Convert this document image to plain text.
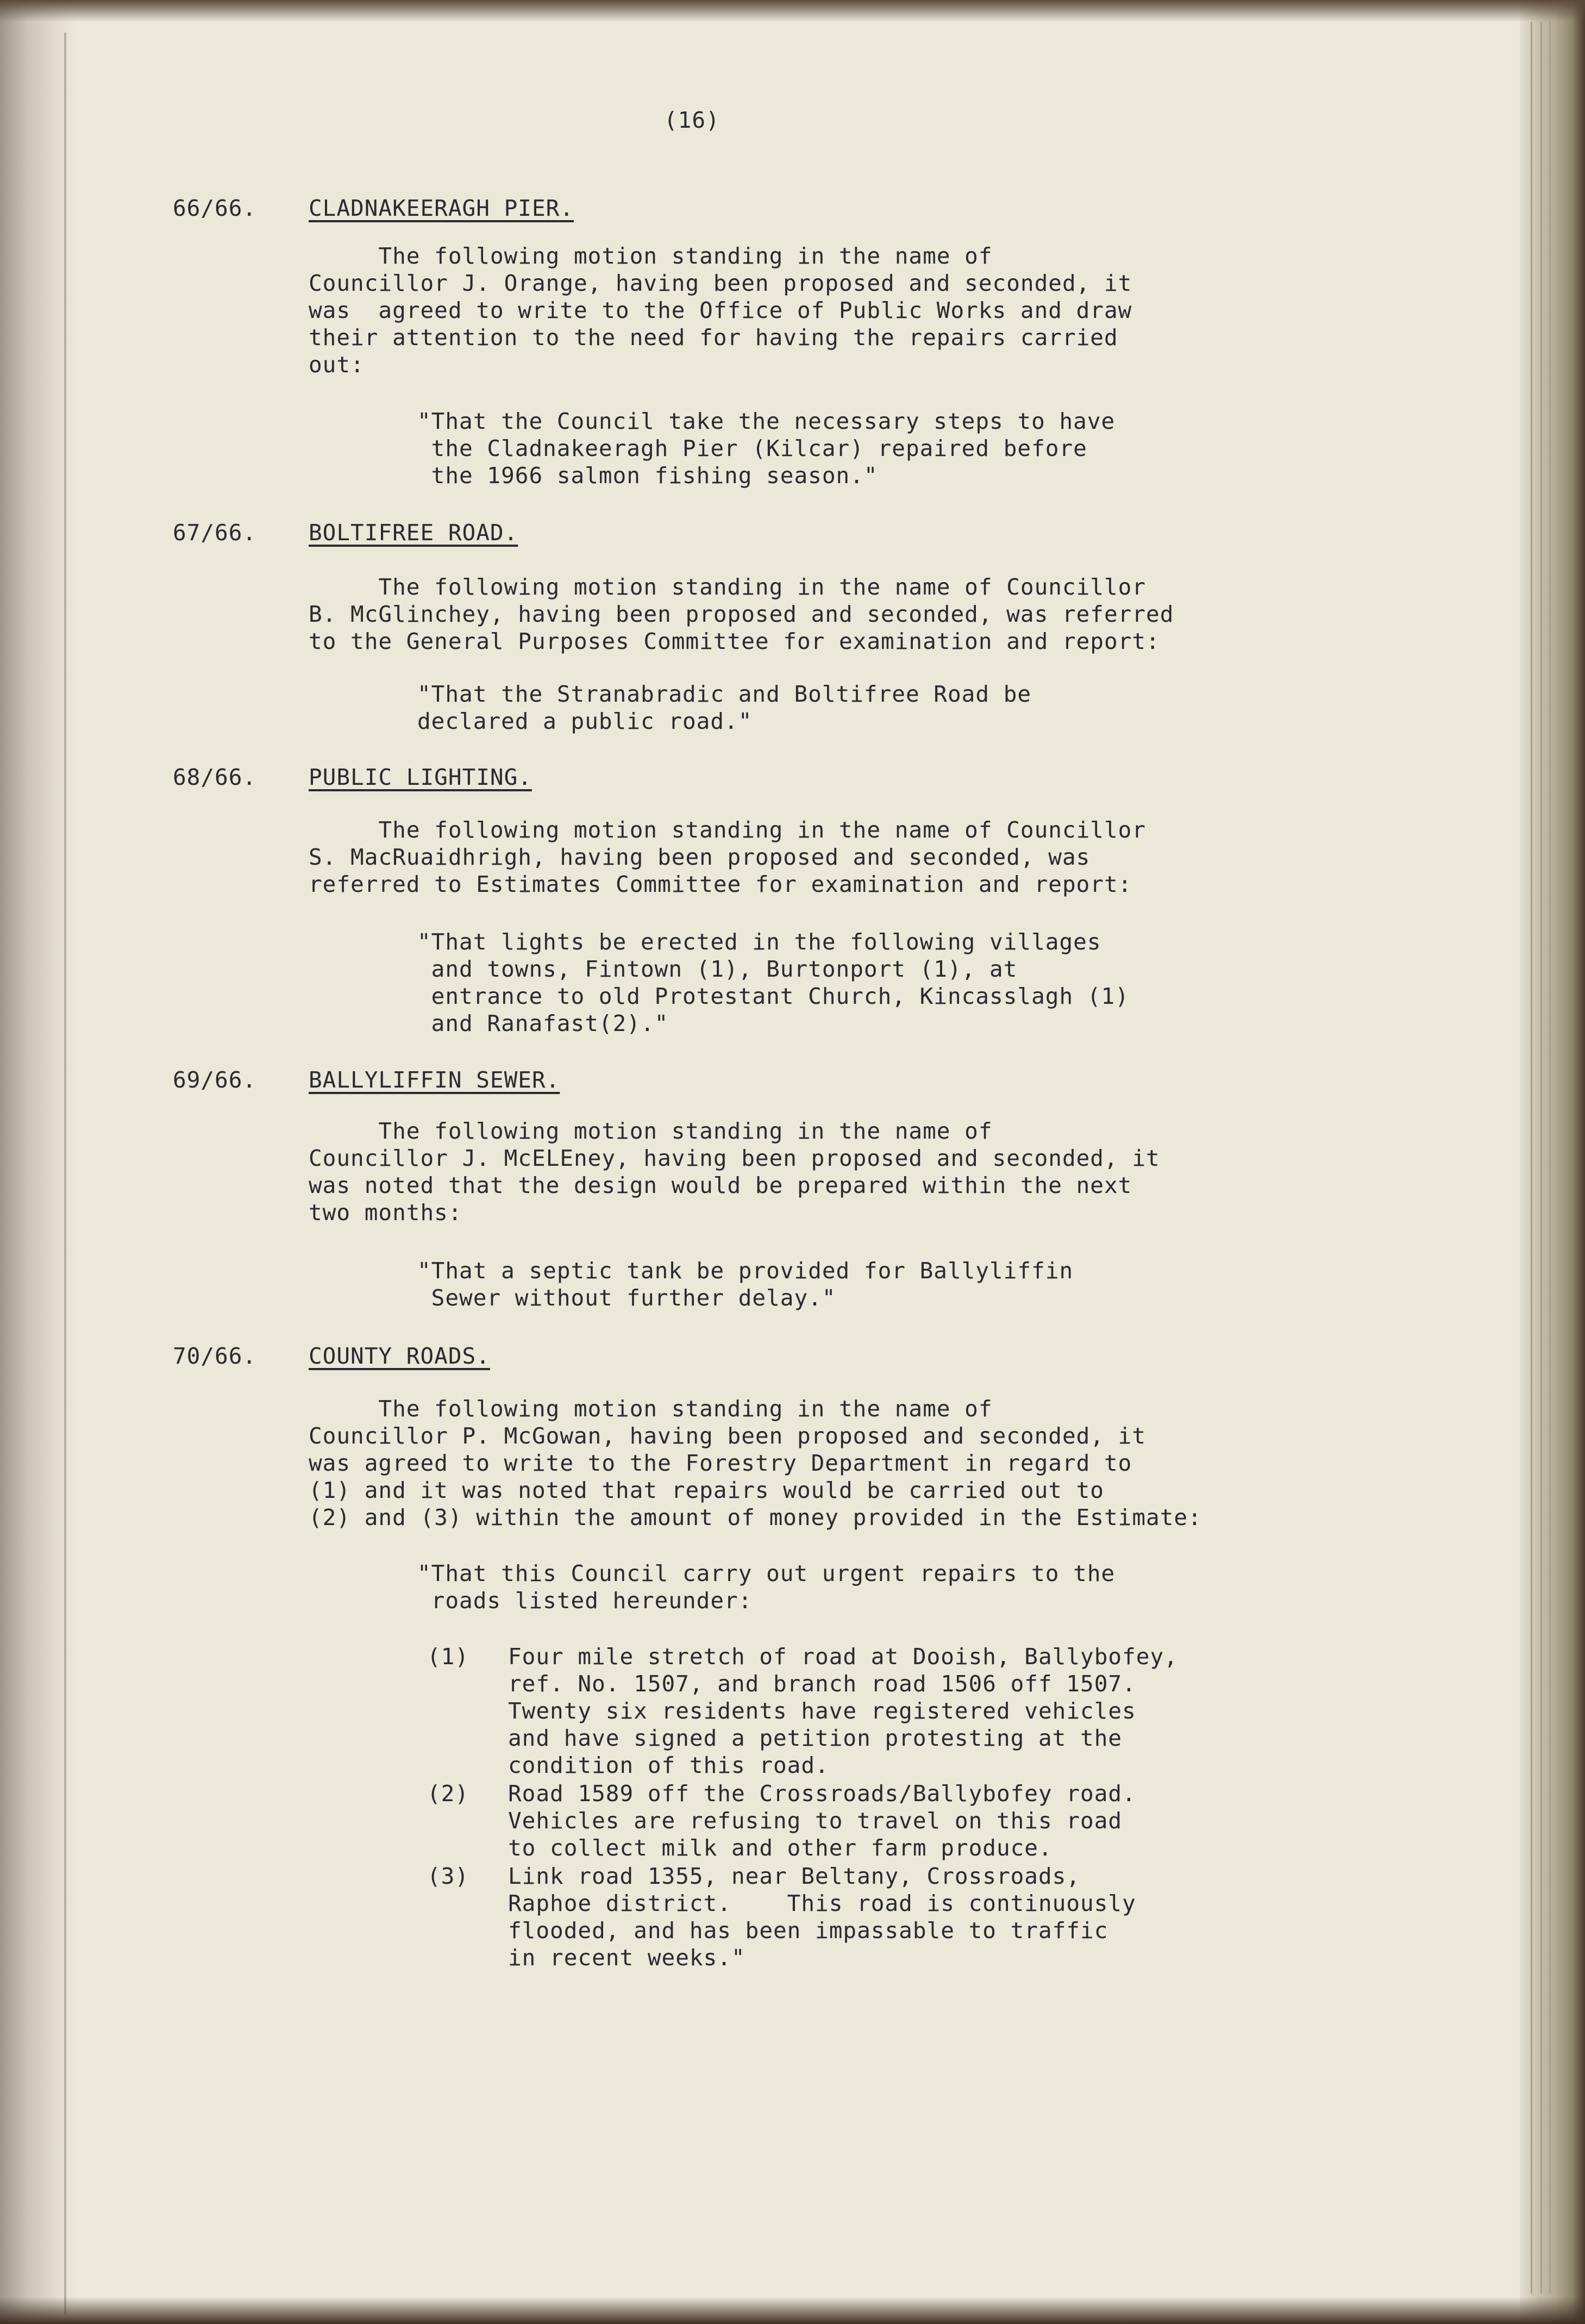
(16)
66/66. CLADNAKEERAGH PIER.
The following motion standing in the name of
Councillor J. Orange, having been proposed and seconded, it
was  agreed to write to the Office of Public Works and draw
their attention to the need for having the repairs carried
out:
"That the Council take the necessary steps to have
the Cladnakeeragh Pier (Kilcar) repaired before
the 1966 salmon fishing season."
67/66. BOLTIFREE ROAD.
The following motion standing in the name of Councillor
B. McGlinchey, having been proposed and seconded, was referred
to the General Purposes Committee for examination and report:
"That the Stranabradic and Boltifree Road be
declared a public road."
68/66. PUBLIC LIGHTING.
The following motion standing in the name of Councillor
S. MacRuaidhrigh, having been proposed and seconded, was
referred to Estimates Committee for examination and report:
"That lights be erected in the following villages
and towns, Fintown (1), Burtonport (1), at
entrance to old Protestant Church, Kincasslagh (1)
and Ranafast(2)."
69/66. BALLYLIFFIN SEWER.
The following motion standing in the name of
Councillor J. McELEney, having been proposed and seconded, it
was noted that the design would be prepared within the next
two months:
"That a septic tank be provided for Ballyliffin
Sewer without further delay."
70/66. COUNTY ROADS.
The following motion standing in the name of
Councillor P. McGowan, having been proposed and seconded, it
was agreed to write to the Forestry Department in regard to
(1) and it was noted that repairs would be carried out to
(2) and (3) within the amount of money provided in the Estimate:
"That this Council carry out urgent repairs to the
roads listed hereunder:
(1) Four mile stretch of road at Dooish, Ballybofey,
ref. No. 1507, and branch road 1506 off 1507.
Twenty six residents have registered vehicles
and have signed a petition protesting at the
condition of this road.
(2) Road 1589 off the Crossroads/Ballybofey road.
Vehicles are refusing to travel on this road
to collect milk and other farm produce.
(3) Link road 1355, near Beltany, Crossroads,
Raphoe district.    This road is continuously
flooded, and has been impassable to traffic
in recent weeks."
